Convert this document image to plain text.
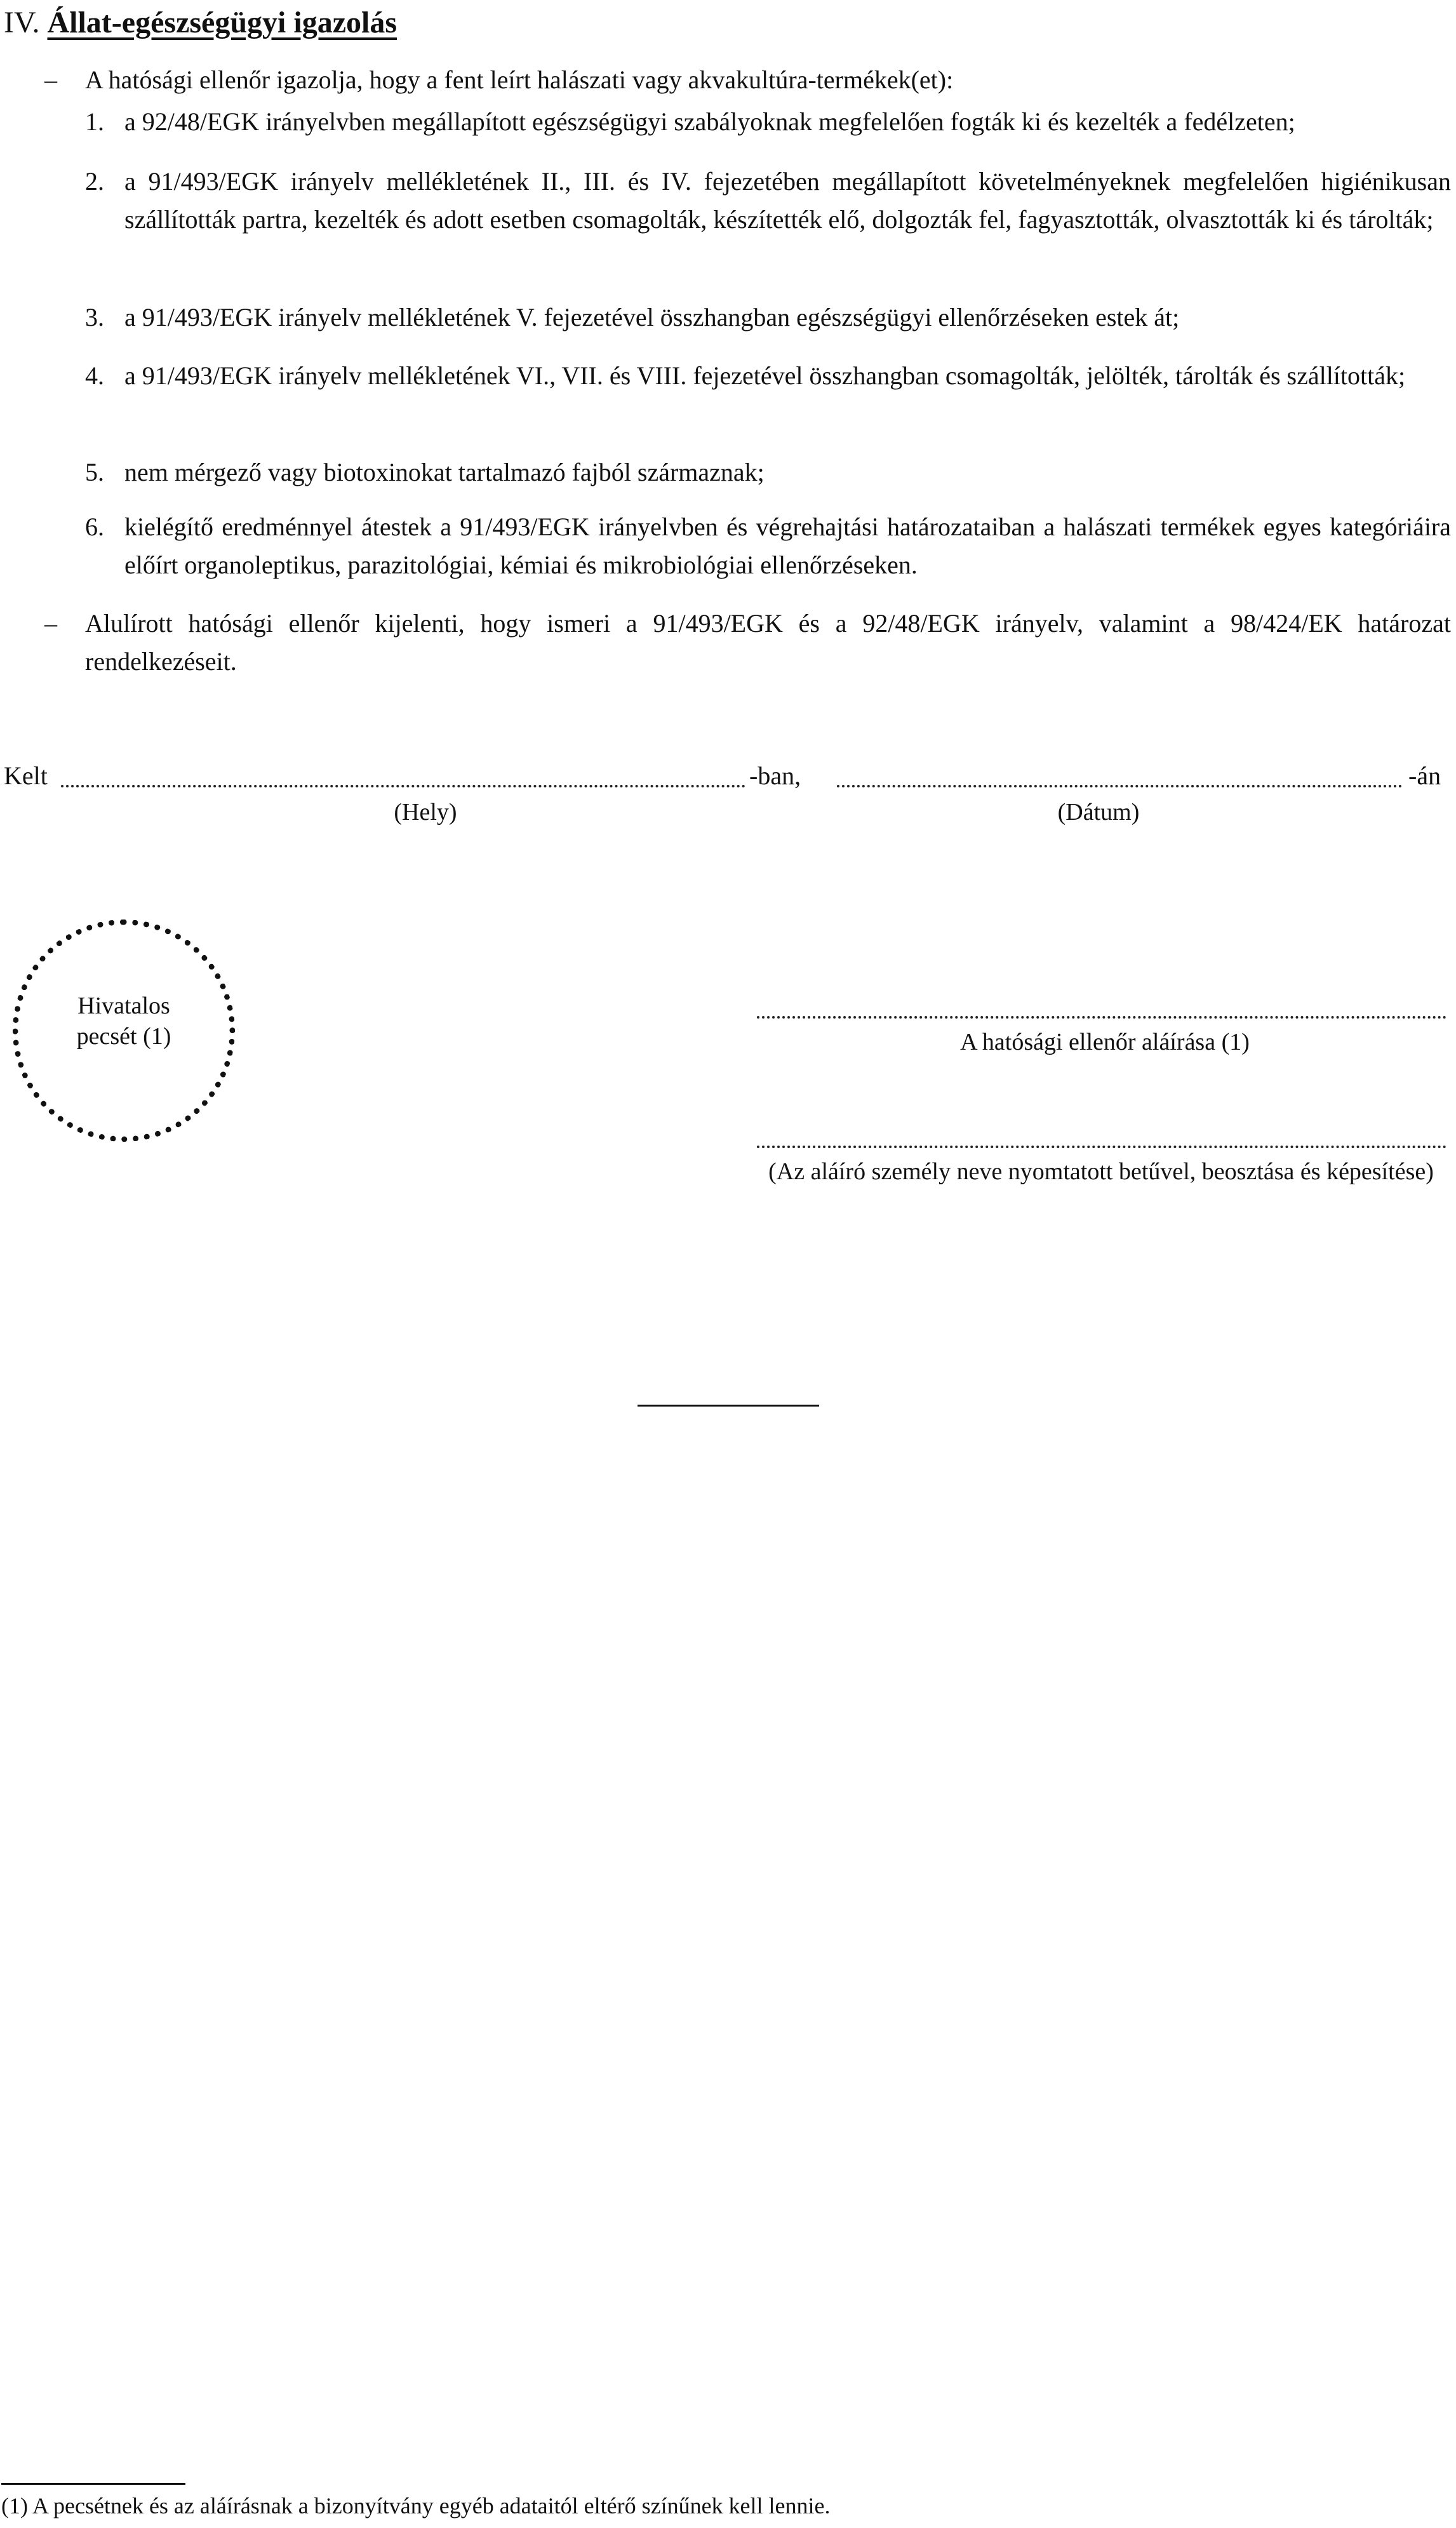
IV. Állat-egészségügyi igazolás
– A hatósági ellenőr igazolja, hogy a fent leírt halászati vagy akvakultúra-termékek(et):
1. a 92/48/EGK irányelvben megállapított egészségügyi szabályoknak megfelelően fogták ki és kezelték a fedélzeten;
2. a 91/493/EGK irányelv mellékletének II., III. és IV. fejezetében megállapított követelményeknek megfelelően higiénikusan szállították partra, kezelték és adott esetben csomagolták, készítették elő, dolgozták fel, fagyasztották, olvasztották ki és tárolták;
3. a 91/493/EGK irányelv mellékletének V. fejezetével összhangban egészségügyi ellenőrzéseken estek át;
4. a 91/493/EGK irányelv mellékletének VI., VII. és VIII. fejezetével összhangban csomagolták, jelölték, tárolták és szállították;
5. nem mérgező vagy biotoxinokat tartalmazó fajból származnak;
6. kielégítő eredménnyel átestek a 91/493/EGK irányelvben és végrehajtási határozataiban a halászati termékek egyes kategóriáira előírt organoleptikus, parazitológiai, kémiai és mikrobiológiai ellenőrzéseken.
– Alulírott hatósági ellenőr kijelenti, hogy ismeri a 91/493/EGK és a 92/48/EGK irányelv, valamint a 98/424/EK határozat rendelkezéseit.
Kelt	-ban,	-án
(Hely)	(Dátum)
Hivatalos
pecsét (1)	A hatósági ellenőr aláírása (1)
(Az aláíró személy neve nyomtatott betűvel, beosztása és képesítése)
(1) A pecsétnek és az aláírásnak a bizonyítvány egyéb adataitól eltérő színűnek kell lennie.
